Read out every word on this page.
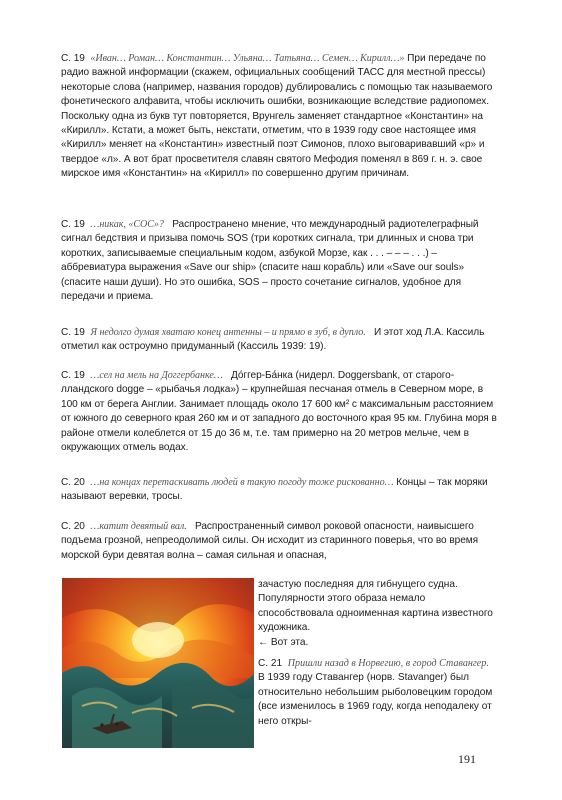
С. 19 «Иван… Роман… Константин… Ульяна… Татьяна… Семен… Кирилл…» При передаче по радио важной информации (скажем, официальных сообщений ТАСС для местной прессы) некоторые слова (например, названия городов) дублировались с помощью так называемого фонетического алфавита, чтобы исключить ошибки, возникающие вследствие радиопомех. Поскольку одна из букв тут повторяется, Врунгель заменяет стандартное «Константин» на «Кирилл». Кстати, а может быть, некстати, отметим, что в 1939 году свое настоящее имя «Кирилл» меняет на «Константин» известный поэт Симонов, плохо выговаривавший «р» и твердое «л». А вот брат просветителя славян святого Мефодия поменял в 869 г. н. э. свое мирское имя «Константин» на «Кирилл» по совершенно другим причинам.

С. 19 …никак, «СОС»? Распространено мнение, что международный радиотелеграфный сигнал бедствия и призыва помочь SOS (три коротких сигнала, три длинных и снова три коротких, записываемые специальным кодом, азбукой Морзе, как . . . – – – . . .) – аббревиатура выражения «Save our ship» (спасите наш корабль) или «Save our souls» (спасите наши души). Но это ошибка, SOS – просто сочетание сигналов, удобное для передачи и приема.

С. 19 Я недолго думая хватаю конец антенны – и прямо в зуб, в дупло. И этот ход Л.А. Кассиль отметил как остроумно придуманный (Кассиль 1939: 19).

С. 19 …сел на мель на Доггербанке… До́ггер-Ба́нка (нидерл. Doggersbank, от староголландского dogge – «рыбачья лодка») – крупнейшая песчаная отмель в Северном море, в 100 км от берега Англии. Занимает площадь около 17 600 км² с максимальным расстоянием от южного до северного края 260 км и от западного до восточного края 95 км. Глубина моря в районе отмели колеблется от 15 до 36 м, т.е. там примерно на 20 метров мельче, чем в окружающих отмель водах.

С. 20 …на концах перетаскивать людей в такую погоду тоже рискованно… Концы – так моряки называют веревки, тросы.

С. 20 …катит девятый вал. Распространенный символ роковой опасности, наивысшего подъема грозной, непреодолимой силы. Он исходит из старинного поверья, что во время морской бури девятая волна – самая сильная и опасная,

зачастую последняя для гибнущего судна. Популярности этого образа немало способствовала одноименная картина известного художника.
← Вот эта.

С. 21 Пришли назад в Норвегию, в город Ставангер.   В 1939 году Ставангер (норв. Stavanger) был относительно небольшим рыболовецким городом (все изменилось в 1969 году, когда неподалеку от него откры-

191
